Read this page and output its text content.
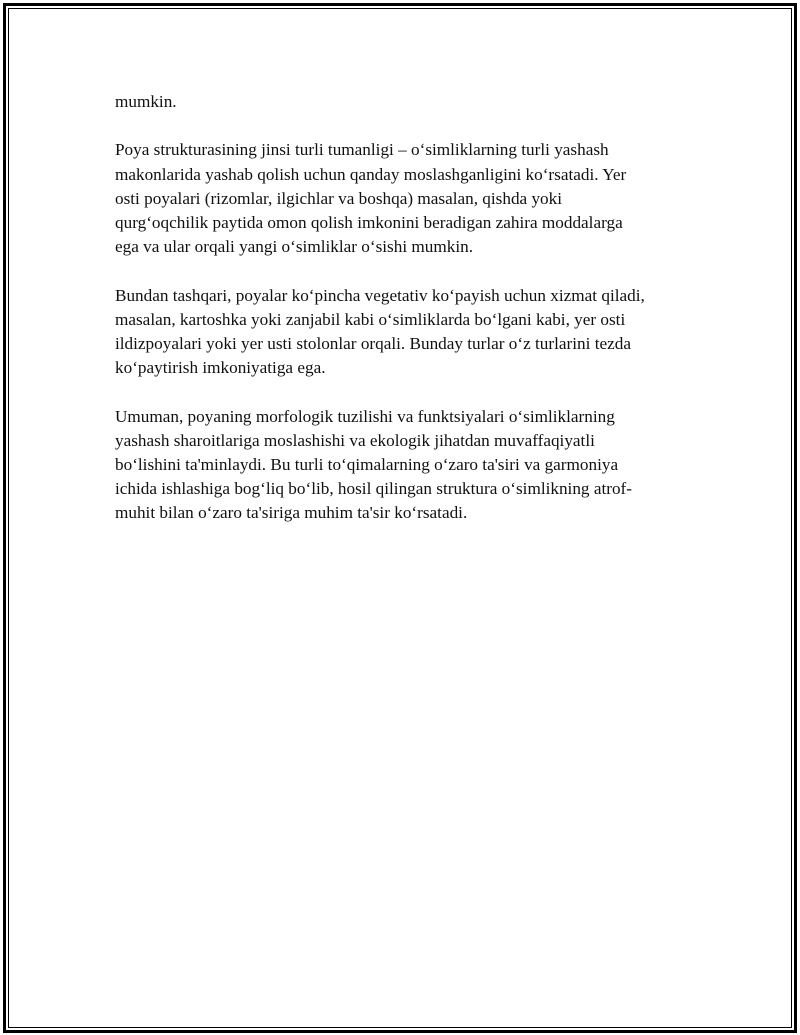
mumkin.

Poya strukturasining jinsi turli tumanligi – oʻsimliklarning turli yashash
makonlarida yashab qolish uchun qanday moslashganligini koʻrsatadi. Yer
osti poyalari (rizomlar, ilgichlar va boshqa) masalan, qishda yoki
qurgʻoqchilik paytida omon qolish imkonini beradigan zahira moddalarga
ega va ular orqali yangi oʻsimliklar oʻsishi mumkin.

Bundan tashqari, poyalar koʻpincha vegetativ koʻpayish uchun xizmat qiladi,
masalan, kartoshka yoki zanjabil kabi oʻsimliklarda boʻlgani kabi, yer osti
ildizpoyalari yoki yer usti stolonlar orqali. Bunday turlar oʻz turlarini tezda
koʻpaytirish imkoniyatiga ega.

Umuman, poyaning morfologik tuzilishi va funktsiyalari oʻsimliklarning
yashash sharoitlariga moslashishi va ekologik jihatdan muvaffaqiyatli
boʻlishini ta'minlaydi. Bu turli toʻqimalarning oʻzaro ta'siri va garmoniya
ichida ishlashiga bogʻliq boʻlib, hosil qilingan struktura oʻsimlikning atrof-
muhit bilan oʻzaro ta'siriga muhim ta'sir koʻrsatadi.
